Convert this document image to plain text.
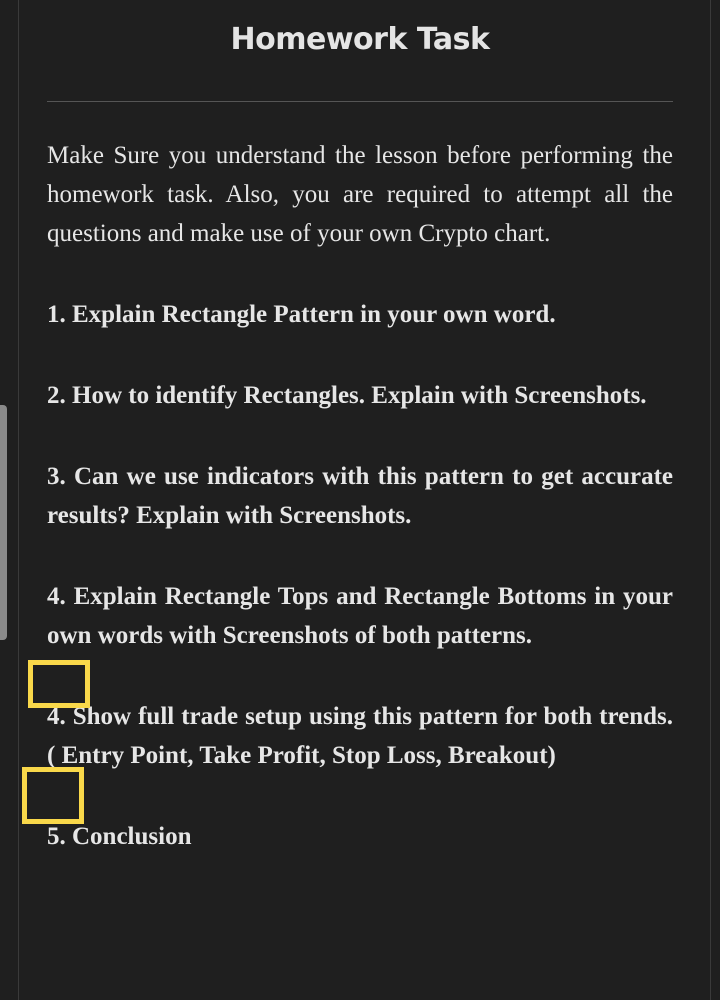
Homework Task

Make Sure you understand the lesson before performing the homework task. Also, you are required to attempt all the questions and make use of your own Crypto chart.

1. Explain Rectangle Pattern in your own word.

2. How to identify Rectangles. Explain with Screenshots.

3. Can we use indicators with this pattern to get accurate results? Explain with Screenshots.

4. Explain Rectangle Tops and Rectangle Bottoms in your own words with Screenshots of both patterns.

4. Show full trade setup using this pattern for both trends. ( Entry Point, Take Profit, Stop Loss, Breakout)

5. Conclusion
